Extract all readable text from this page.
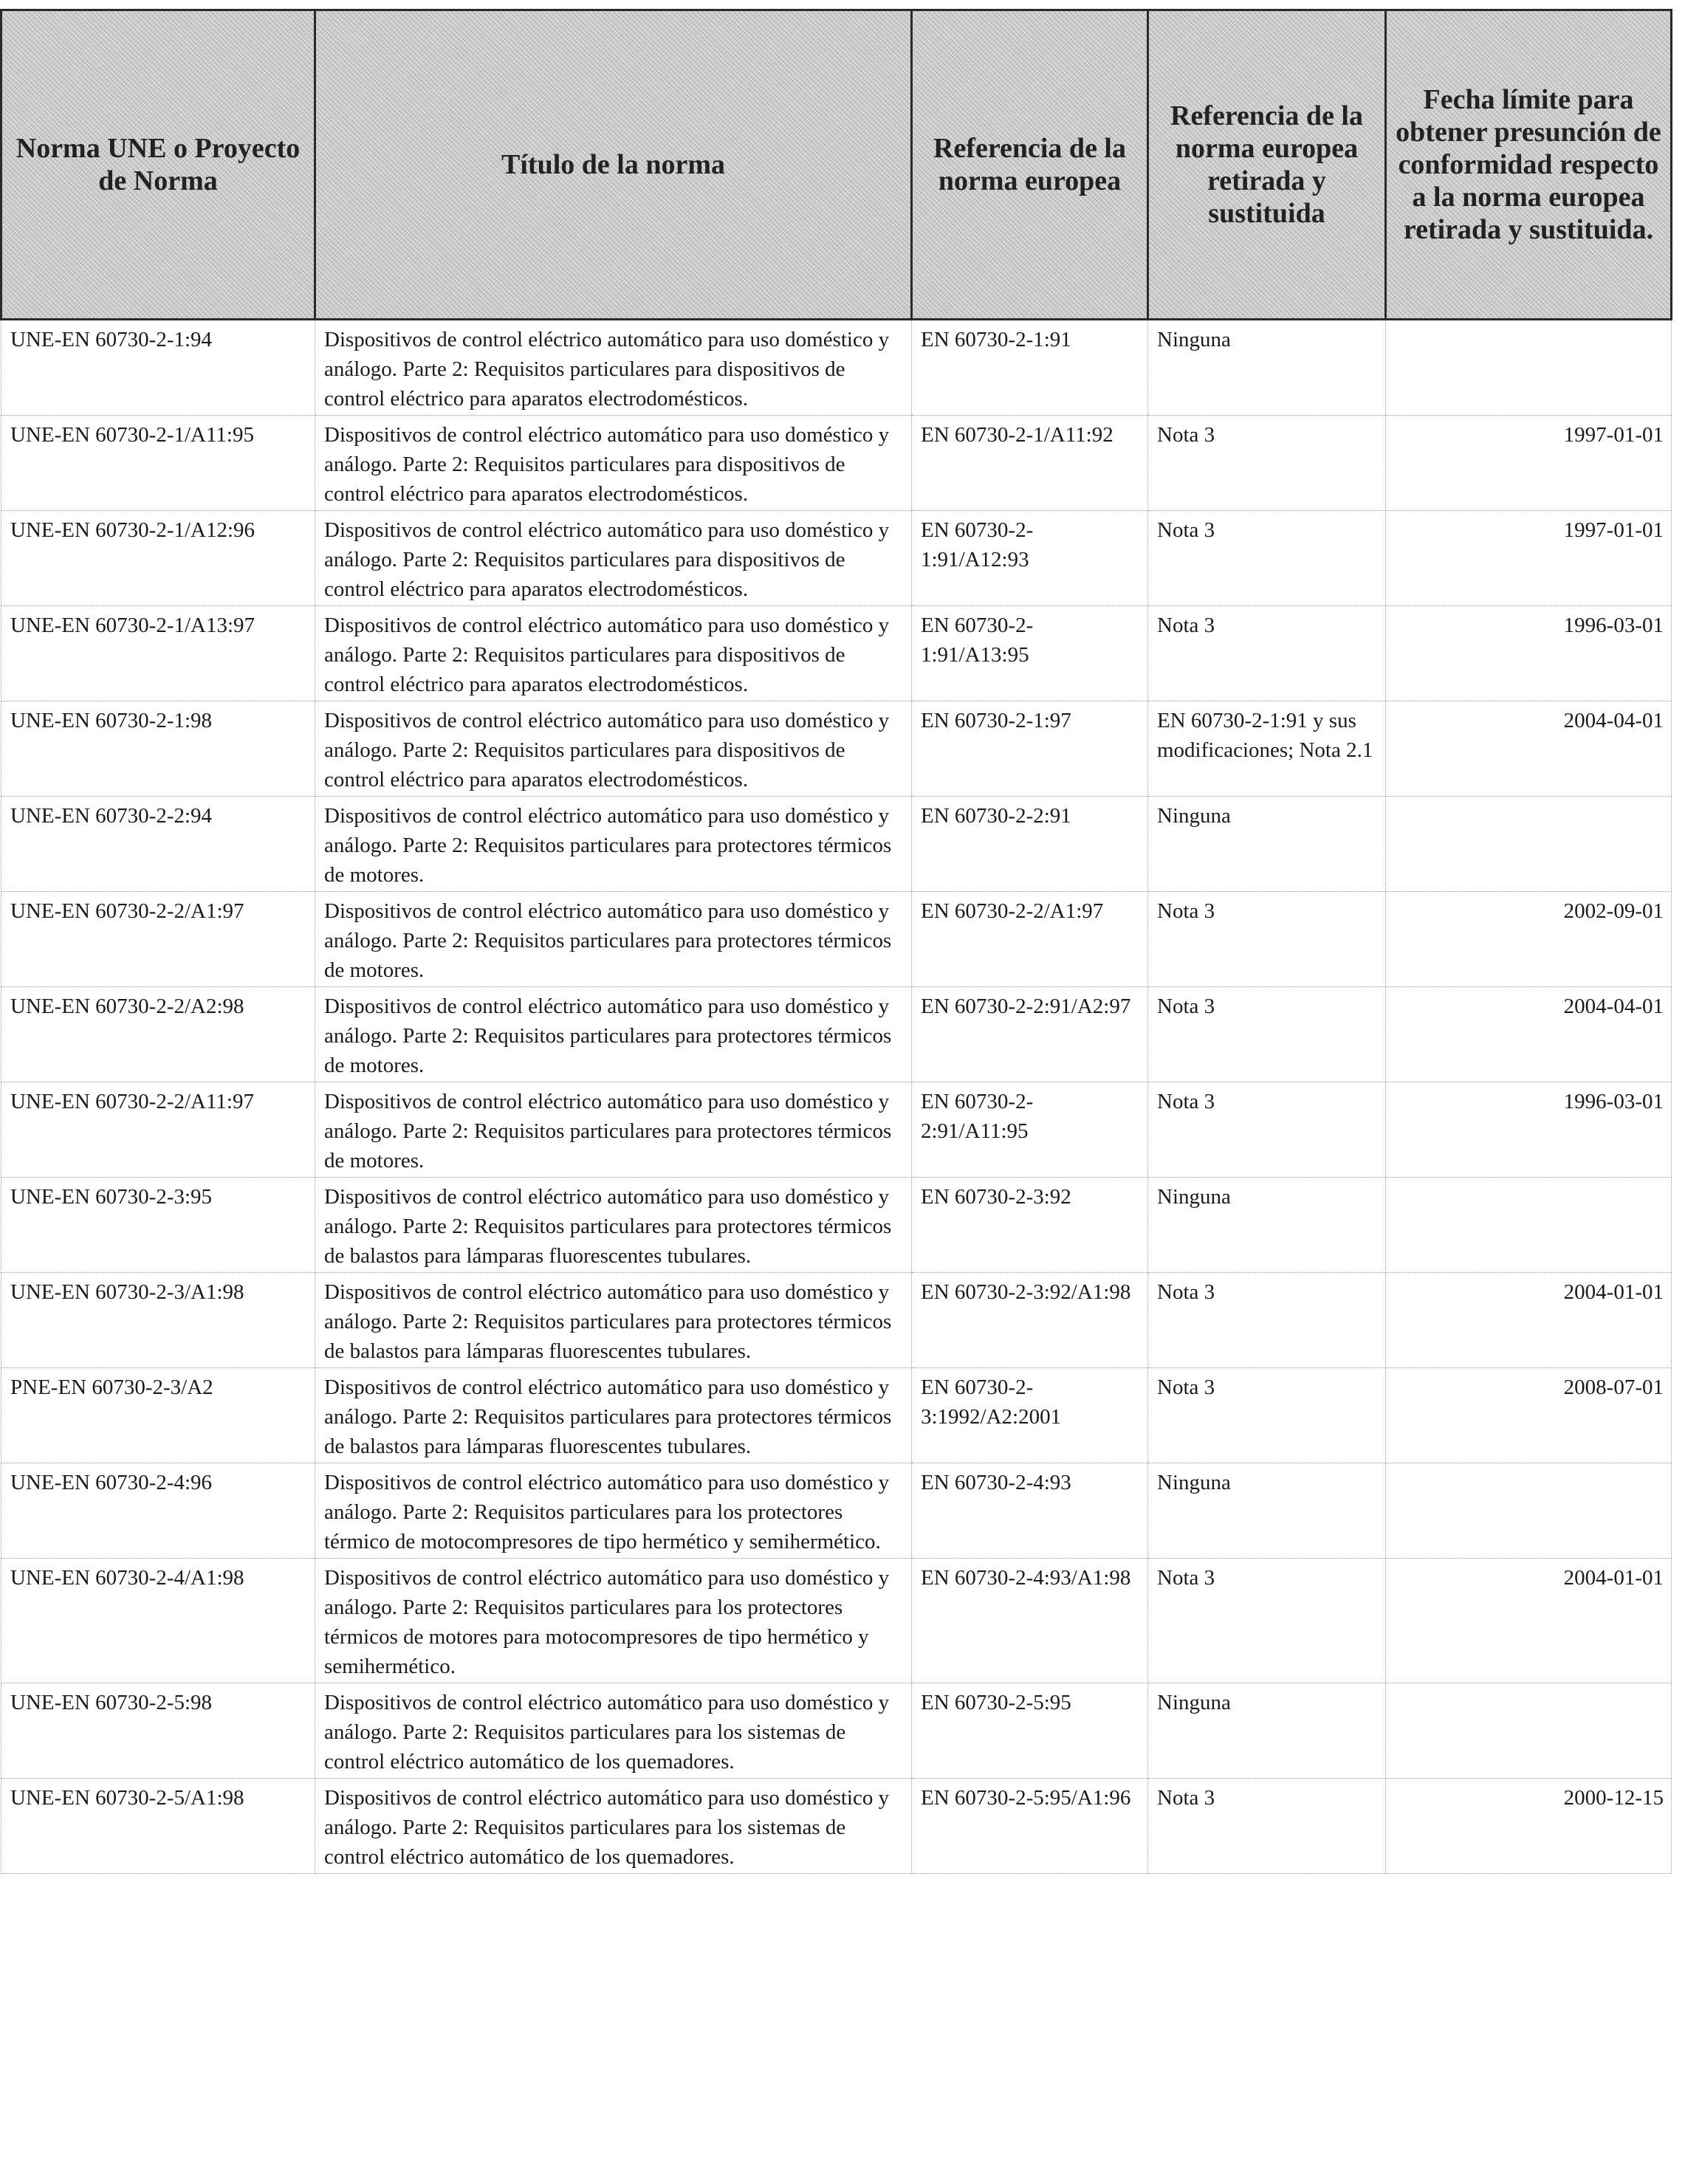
Norma UNE o Proyecto de Norma	Título de la norma	Referencia de la norma europea	Referencia de la norma europea retirada y sustituida	Fecha límite para obtener presunción de conformidad respecto a la norma europea retirada y sustituida.
UNE-EN 60730-2-1:94	Dispositivos de control eléctrico automático para uso doméstico y análogo. Parte 2: Requisitos particulares para dispositivos de control eléctrico para aparatos electrodomésticos.	EN 60730-2-1:91	Ninguna	
UNE-EN 60730-2-1/A11:95	Dispositivos de control eléctrico automático para uso doméstico y análogo. Parte 2: Requisitos particulares para dispositivos de control eléctrico para aparatos electrodomésticos.	EN 60730-2-1/A11:92	Nota 3	1997-01-01
UNE-EN 60730-2-1/A12:96	Dispositivos de control eléctrico automático para uso doméstico y análogo. Parte 2: Requisitos particulares para dispositivos de control eléctrico para aparatos electrodomésticos.	EN 60730-2-1:91/A12:93	Nota 3	1997-01-01
UNE-EN 60730-2-1/A13:97	Dispositivos de control eléctrico automático para uso doméstico y análogo. Parte 2: Requisitos particulares para dispositivos de control eléctrico para aparatos electrodomésticos.	EN 60730-2-1:91/A13:95	Nota 3	1996-03-01
UNE-EN 60730-2-1:98	Dispositivos de control eléctrico automático para uso doméstico y análogo. Parte 2: Requisitos particulares para dispositivos de control eléctrico para aparatos electrodomésticos.	EN 60730-2-1:97	EN 60730-2-1:91 y sus modificaciones; Nota 2.1	2004-04-01
UNE-EN 60730-2-2:94	Dispositivos de control eléctrico automático para uso doméstico y análogo. Parte 2: Requisitos particulares para protectores térmicos de motores.	EN 60730-2-2:91	Ninguna	
UNE-EN 60730-2-2/A1:97	Dispositivos de control eléctrico automático para uso doméstico y análogo. Parte 2: Requisitos particulares para protectores térmicos de motores.	EN 60730-2-2/A1:97	Nota 3	2002-09-01
UNE-EN 60730-2-2/A2:98	Dispositivos de control eléctrico automático para uso doméstico y análogo. Parte 2: Requisitos particulares para protectores térmicos de motores.	EN 60730-2-2:91/A2:97	Nota 3	2004-04-01
UNE-EN 60730-2-2/A11:97	Dispositivos de control eléctrico automático para uso doméstico y análogo. Parte 2: Requisitos particulares para protectores térmicos de motores.	EN 60730-2-2:91/A11:95	Nota 3	1996-03-01
UNE-EN 60730-2-3:95	Dispositivos de control eléctrico automático para uso doméstico y análogo. Parte 2: Requisitos particulares para protectores térmicos de balastos para lámparas fluorescentes tubulares.	EN 60730-2-3:92	Ninguna	
UNE-EN 60730-2-3/A1:98	Dispositivos de control eléctrico automático para uso doméstico y análogo. Parte 2: Requisitos particulares para protectores térmicos de balastos para lámparas fluorescentes tubulares.	EN 60730-2-3:92/A1:98	Nota 3	2004-01-01
PNE-EN 60730-2-3/A2	Dispositivos de control eléctrico automático para uso doméstico y análogo. Parte 2: Requisitos particulares para protectores térmicos de balastos para lámparas fluorescentes tubulares.	EN 60730-2-3:1992/A2:2001	Nota 3	2008-07-01
UNE-EN 60730-2-4:96	Dispositivos de control eléctrico automático para uso doméstico y análogo. Parte 2: Requisitos particulares para los protectores térmico de motocompresores de tipo hermético y semihermético.	EN 60730-2-4:93	Ninguna	
UNE-EN 60730-2-4/A1:98	Dispositivos de control eléctrico automático para uso doméstico y análogo. Parte 2: Requisitos particulares para los protectores térmicos de motores para motocompresores de tipo hermético y semihermético.	EN 60730-2-4:93/A1:98	Nota 3	2004-01-01
UNE-EN 60730-2-5:98	Dispositivos de control eléctrico automático para uso doméstico y análogo. Parte 2: Requisitos particulares para los sistemas de control eléctrico automático de los quemadores.	EN 60730-2-5:95	Ninguna	
UNE-EN 60730-2-5/A1:98	Dispositivos de control eléctrico automático para uso doméstico y análogo. Parte 2: Requisitos particulares para los sistemas de control eléctrico automático de los quemadores.	EN 60730-2-5:95/A1:96	Nota 3	2000-12-15
